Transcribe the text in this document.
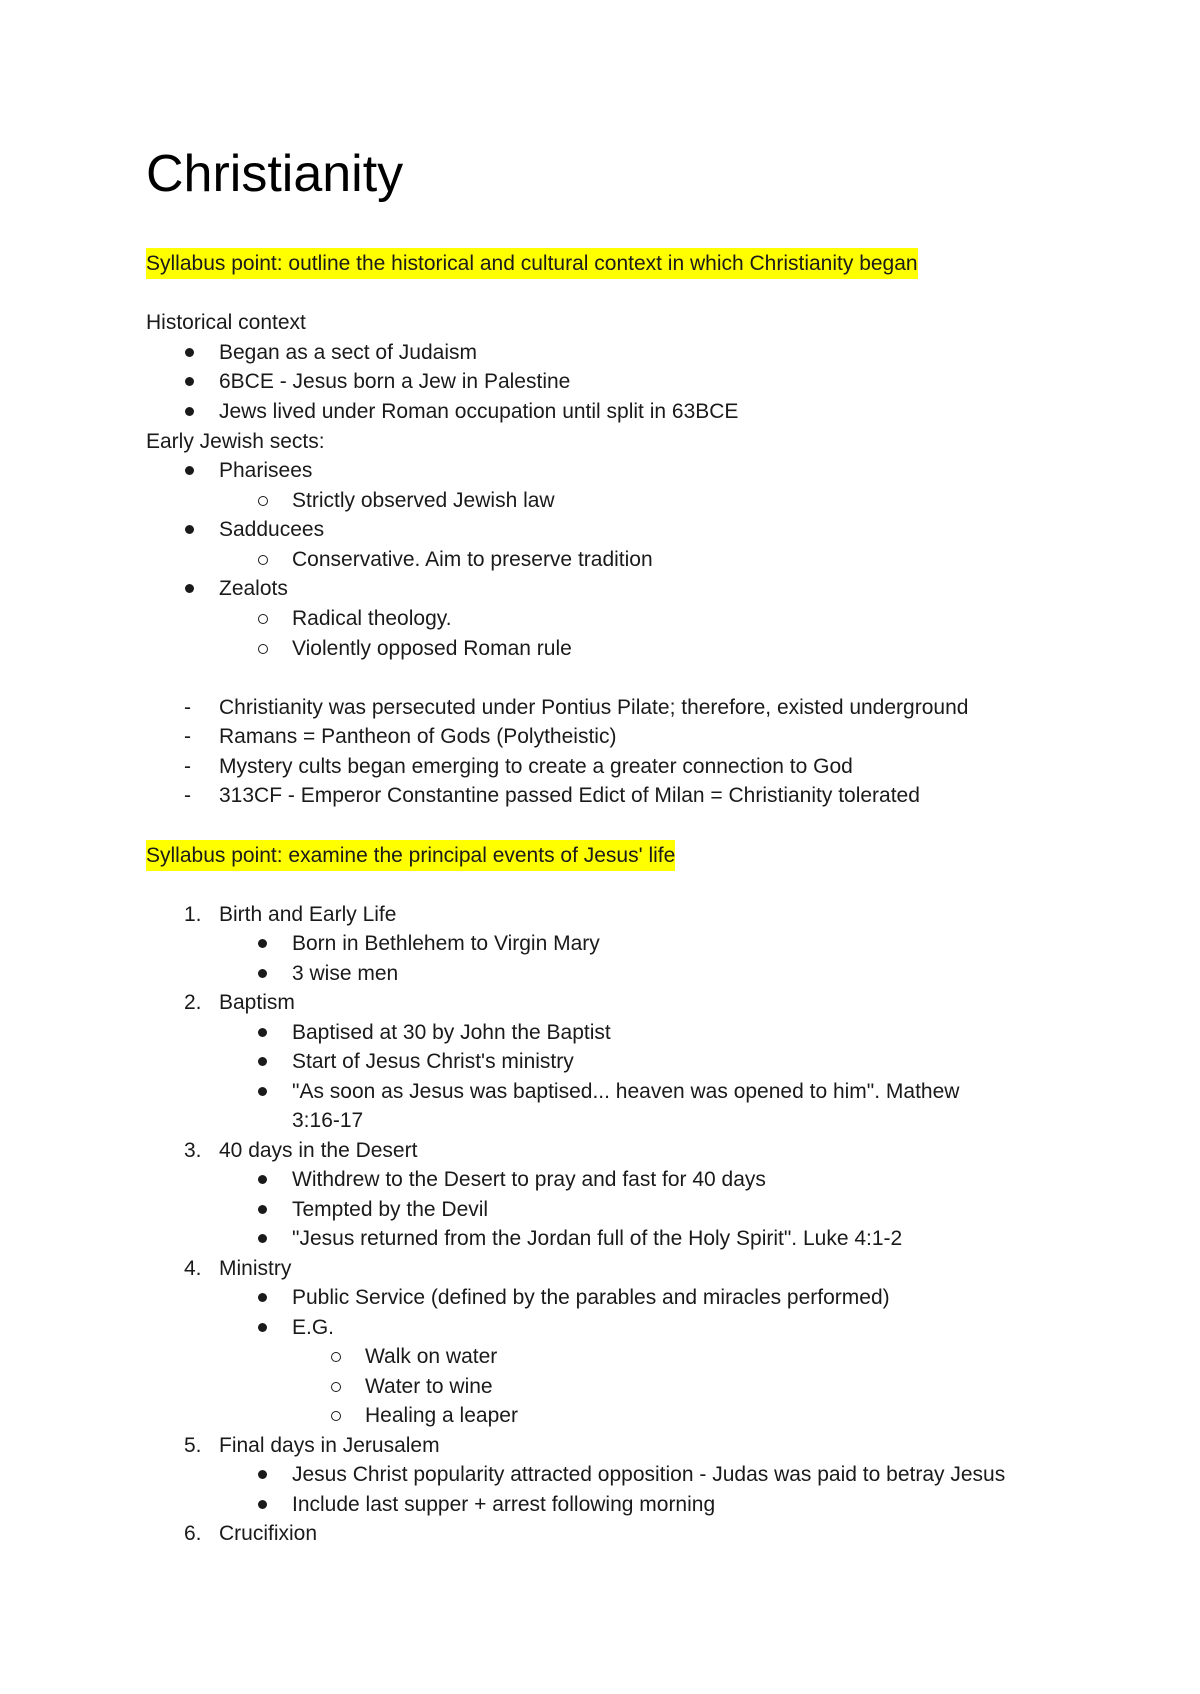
Christianity
Syllabus point: outline the historical and cultural context in which Christianity began
Historical context
Began as a sect of Judaism
6BCE - Jesus born a Jew in Palestine
Jews lived under Roman occupation until split in 63BCE
Early Jewish sects:
Pharisees
Strictly observed Jewish law
Sadducees
Conservative. Aim to preserve tradition
Zealots
Radical theology.
Violently opposed Roman rule
- Christianity was persecuted under Pontius Pilate; therefore, existed underground
- Ramans = Pantheon of Gods (Polytheistic)
- Mystery cults began emerging to create a greater connection to God
- 313CF - Emperor Constantine passed Edict of Milan = Christianity tolerated
Syllabus point: examine the principal events of Jesus' life
1. Birth and Early Life
Born in Bethlehem to Virgin Mary
3 wise men
2. Baptism
Baptised at 30 by John the Baptist
Start of Jesus Christ's ministry
"As soon as Jesus was baptised... heaven was opened to him". Mathew
3:16-17
3. 40 days in the Desert
Withdrew to the Desert to pray and fast for 40 days
Tempted by the Devil
"Jesus returned from the Jordan full of the Holy Spirit". Luke 4:1-2
4. Ministry
Public Service (defined by the parables and miracles performed)
E.G.
Walk on water
Water to wine
Healing a leaper
5. Final days in Jerusalem
Jesus Christ popularity attracted opposition - Judas was paid to betray Jesus
Include last supper + arrest following morning
6. Crucifixion
